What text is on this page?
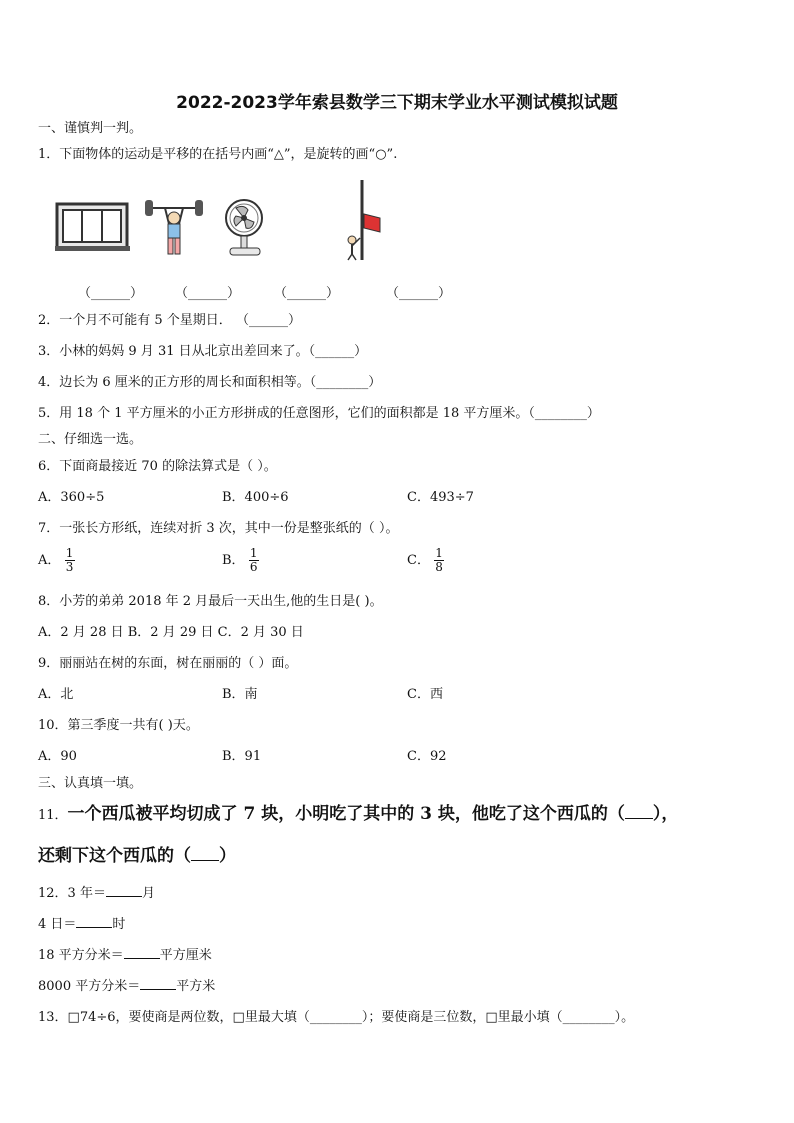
2022-2023学年索县数学三下期末学业水平测试模拟试题
一、谨慎判一判。
1．下面物体的运动是平移的在括号内画“△”，是旋转的画“○”.
（______） （______）	（______）	（______）
2．一个月不可能有 5 个星期日． （______）
3．小林的妈妈 9 月 31 日从北京出差回来了。（______）
4．边长为 6 厘米的正方形的周长和面积相等。（________）
5．用 18 个 1 平方厘米的小正方形拼成的任意图形，它们的面积都是 18 平方厘米。（________）
二、仔细选一选。
6．下面商最接近 70 的除法算式是（ ）。
A．360÷5	B．400÷6	C．493÷7
7．一张长方形纸，连续对折 3 次，其中一份是整张纸的（ ）。
A． $\frac{1}{3}$	B． $\frac{1}{6}$	C． $\frac{1}{8}$
8．小芳的弟弟 2018 年 2 月最后一天出生,他的生日是( )。
A．2 月 28 日 B．2 月 29 日 C．2 月 30 日
9．丽丽站在树的东面，树在丽丽的（ ）面。
A．北	B．南	C．西
10．第三季度一共有( )天。
A．90	B．91	C．92
三、认真填一填。
11．一个西瓜被平均切成了 7 块，小明吃了其中的 3 块，他吃了这个西瓜的（ ），
还剩下这个西瓜的（ ）
12．3 年＝	月
4 日＝	时
18 平方分米＝	平方厘米
8000 平方分米＝	平方米
13．□74÷6，要使商是两位数，□里最大填（________）；要使商是三位数，□里最小填（________）。
